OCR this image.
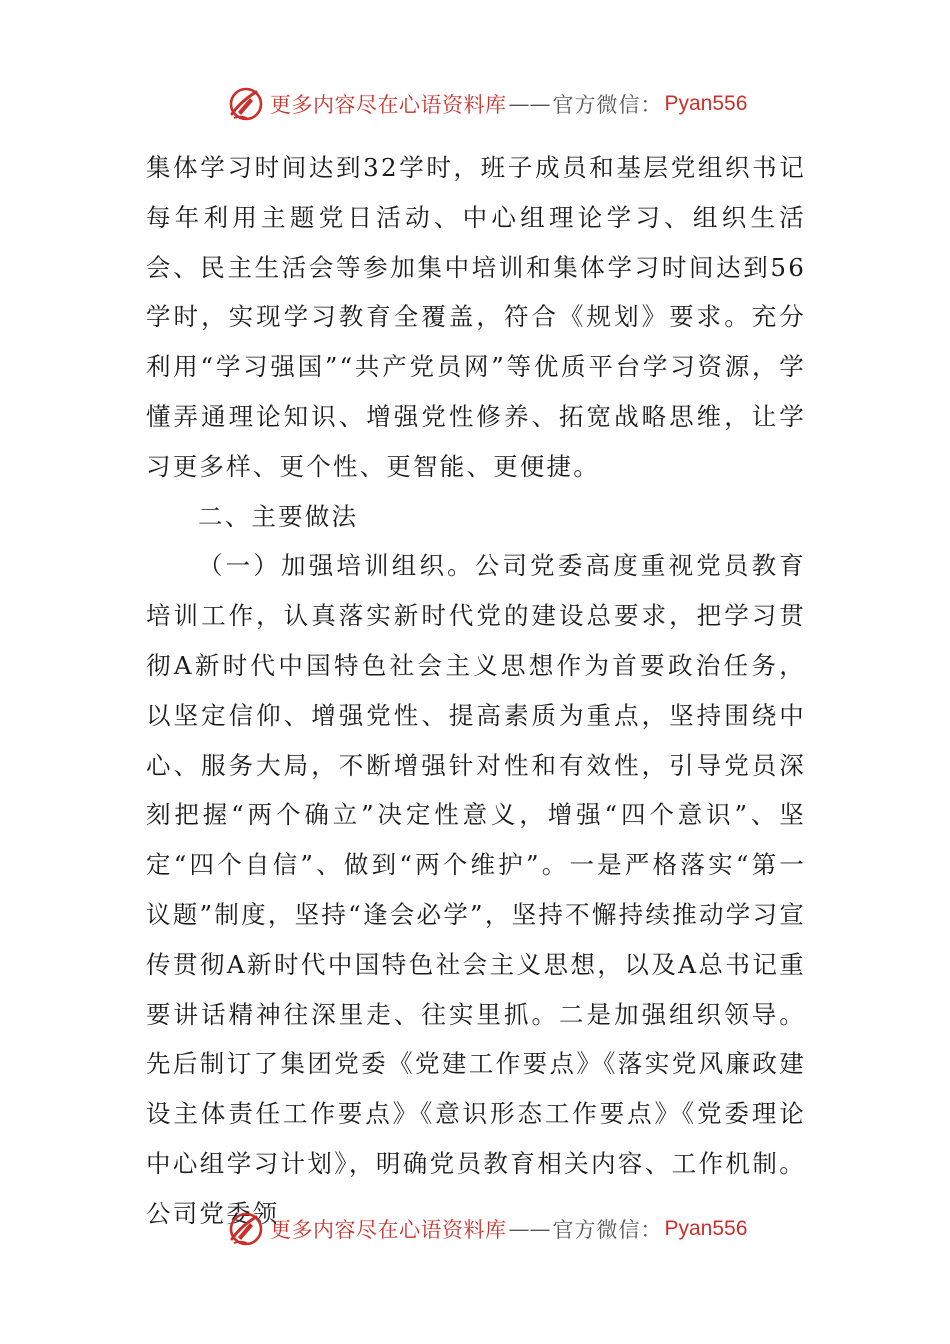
更多内容尽在心语资料库 —— 官方微信： Pyan556

集体学习时间达到32学时，班子成员和基层党组织书记每年利用主题党日活动、中心组理论学习、组织生活会、民主生活会等参加集中培训和集体学习时间达到56学时，实现学习教育全覆盖，符合《规划》要求。充分利用“学习强国”“共产党员网”等优质平台学习资源，学懂弄通理论知识、增强党性修养、拓宽战略思维，让学习更多样、更个性、更智能、更便捷。

二、主要做法

（一）加强培训组织。公司党委高度重视党员教育培训工作，认真落实新时代党的建设总要求，把学习贯彻A新时代中国特色社会主义思想作为首要政治任务，以坚定信仰、增强党性、提高素质为重点，坚持围绕中心、服务大局，不断增强针对性和有效性，引导党员深刻把握“两个确立”决定性意义，增强“四个意识”、坚定“四个自信”、做到“两个维护”。一是严格落实“第一议题”制度，坚持“逢会必学”，坚持不懈持续推动学习宣传贯彻A新时代中国特色社会主义思想，以及A总书记重要讲话精神往深里走、往实里抓。二是加强组织领导。先后制订了集团党委《党建工作要点》《落实党风廉政建设主体责任工作要点》《意识形态工作要点》《党委理论中心组学习计划》，明确党员教育相关内容、工作机制。公司党委领

更多内容尽在心语资料库 —— 官方微信： Pyan556
